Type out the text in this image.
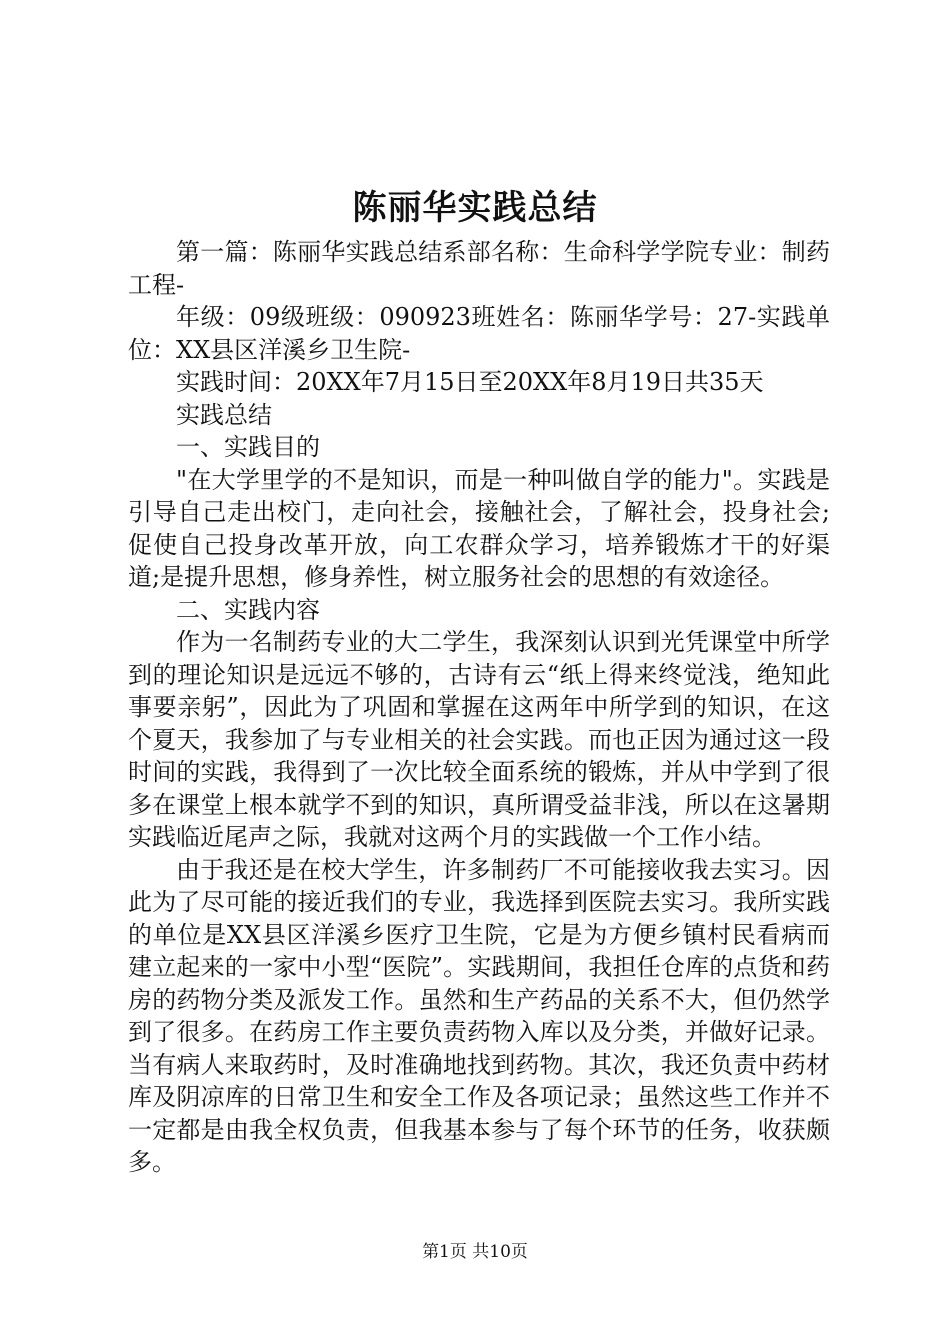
陈丽华实践总结

第一篇：陈丽华实践总结系部名称：生命科学学院专业：制药工程-

年级：09级班级：090923班姓名：陈丽华学号：27-实践单位：XX县区洋溪乡卫生院-

实践时间：20XX年7月15日至20XX年8月19日共35天

实践总结

一、实践目的

"在大学里学的不是知识，而是一种叫做自学的能力"。实践是引导自己走出校门，走向社会，接触社会，了解社会，投身社会;促使自己投身改革开放，向工农群众学习，培养锻炼才干的好渠道;是提升思想，修身养性，树立服务社会的思想的有效途径。

二、实践内容

作为一名制药专业的大二学生，我深刻认识到光凭课堂中所学到的理论知识是远远不够的，古诗有云“纸上得来终觉浅，绝知此事要亲躬”，因此为了巩固和掌握在这两年中所学到的知识，在这个夏天，我参加了与专业相关的社会实践。而也正因为通过这一段时间的实践，我得到了一次比较全面系统的锻炼，并从中学到了很多在课堂上根本就学不到的知识，真所谓受益非浅，所以在这暑期实践临近尾声之际，我就对这两个月的实践做一个工作小结。

由于我还是在校大学生，许多制药厂不可能接收我去实习。因此为了尽可能的接近我们的专业，我选择到医院去实习。我所实践的单位是XX县区洋溪乡医疗卫生院，它是为方便乡镇村民看病而建立起来的一家中小型“医院”。实践期间，我担任仓库的点货和药房的药物分类及派发工作。虽然和生产药品的关系不大，但仍然学到了很多。在药房工作主要负责药物入库以及分类，并做好记录。当有病人来取药时，及时准确地找到药物。其次，我还负责中药材库及阴凉库的日常卫生和安全工作及各项记录；虽然这些工作并不一定都是由我全权负责，但我基本参与了每个环节的任务，收获颇多。

第1页 共10页
